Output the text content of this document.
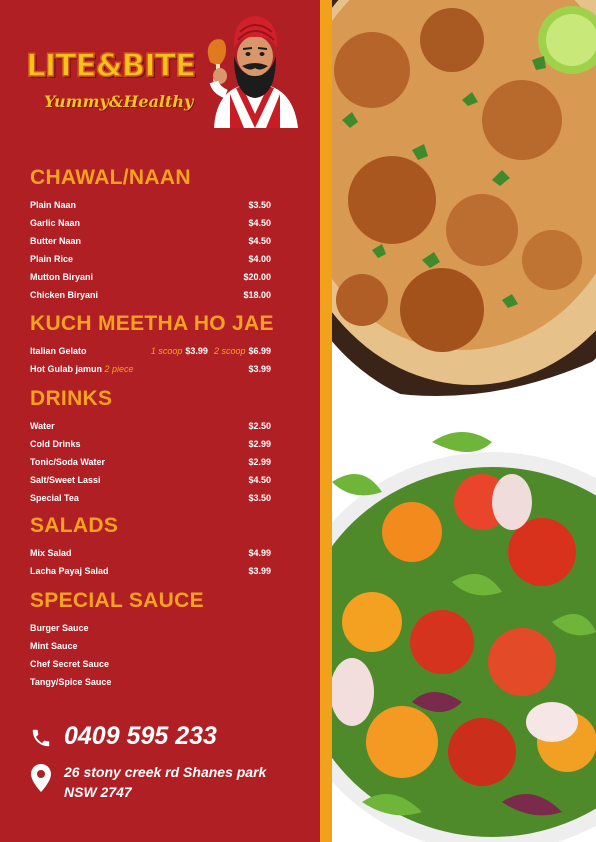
LITE&BITE
Yummy&Healthy
CHAWAL/NAAN
Plain Naan	$3.50
Garlic Naan	$4.50
Butter Naan	$4.50
Plain Rice	$4.00
Mutton Biryani	$20.00
Chicken Biryani	$18.00
KUCH MEETHA HO JAE
Italian Gelato	1 scoop $3.99 2 scoop $6.99
Hot Gulab jamun 2 piece	$3.99
DRINKS
Water	$2.50
Cold Drinks	$2.99
Tonic/Soda Water	$2.99
Salt/Sweet Lassi	$4.50
Special Tea	$3.50
SALADS
Mix Salad	$4.99
Lacha Payaj Salad	$3.99
SPECIAL SAUCE
Burger Sauce
Mint Sauce
Chef Secret Sauce
Tangy/Spice Sauce
0409 595 233
26 stony creek rd Shanes park
NSW 2747
